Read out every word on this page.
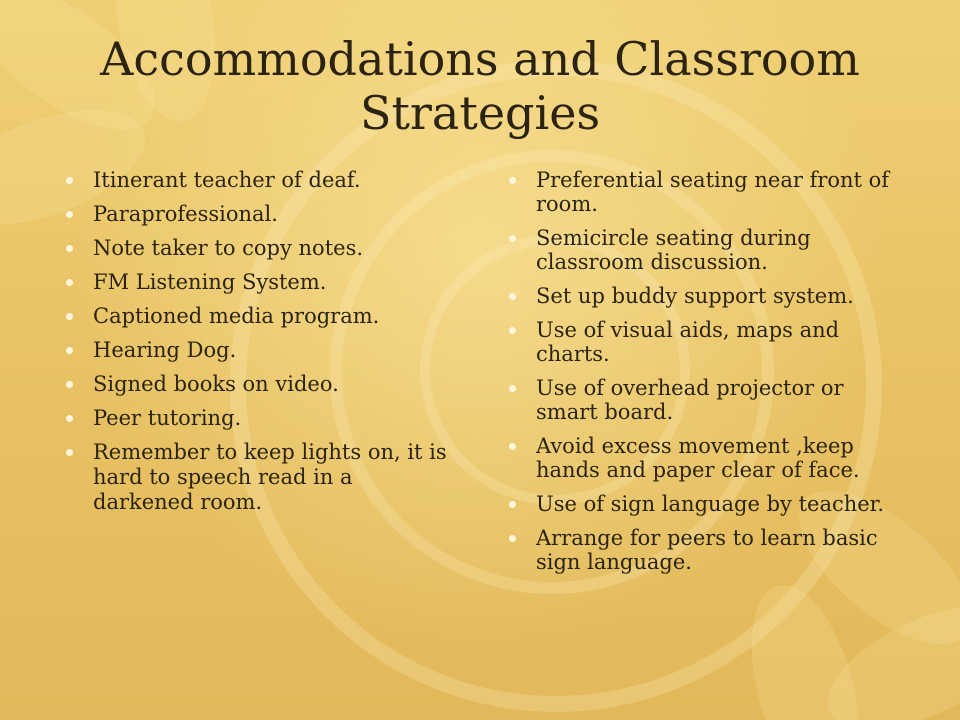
Accommodations and Classroom Strategies
Itinerant teacher of deaf.
Paraprofessional.
Note taker to copy notes.
FM Listening System.
Captioned media program.
Hearing Dog.
Signed books on video.
Peer tutoring.
Remember to keep lights on, it is hard to speech read in a darkened room.
Preferential seating near front of room.
Semicircle seating during classroom discussion.
Set up buddy support system.
Use of visual aids, maps and charts.
Use of overhead projector or smart board.
Avoid excess movement ,keep hands and paper clear of face.
Use of sign language by teacher.
Arrange for peers to learn basic sign language.
